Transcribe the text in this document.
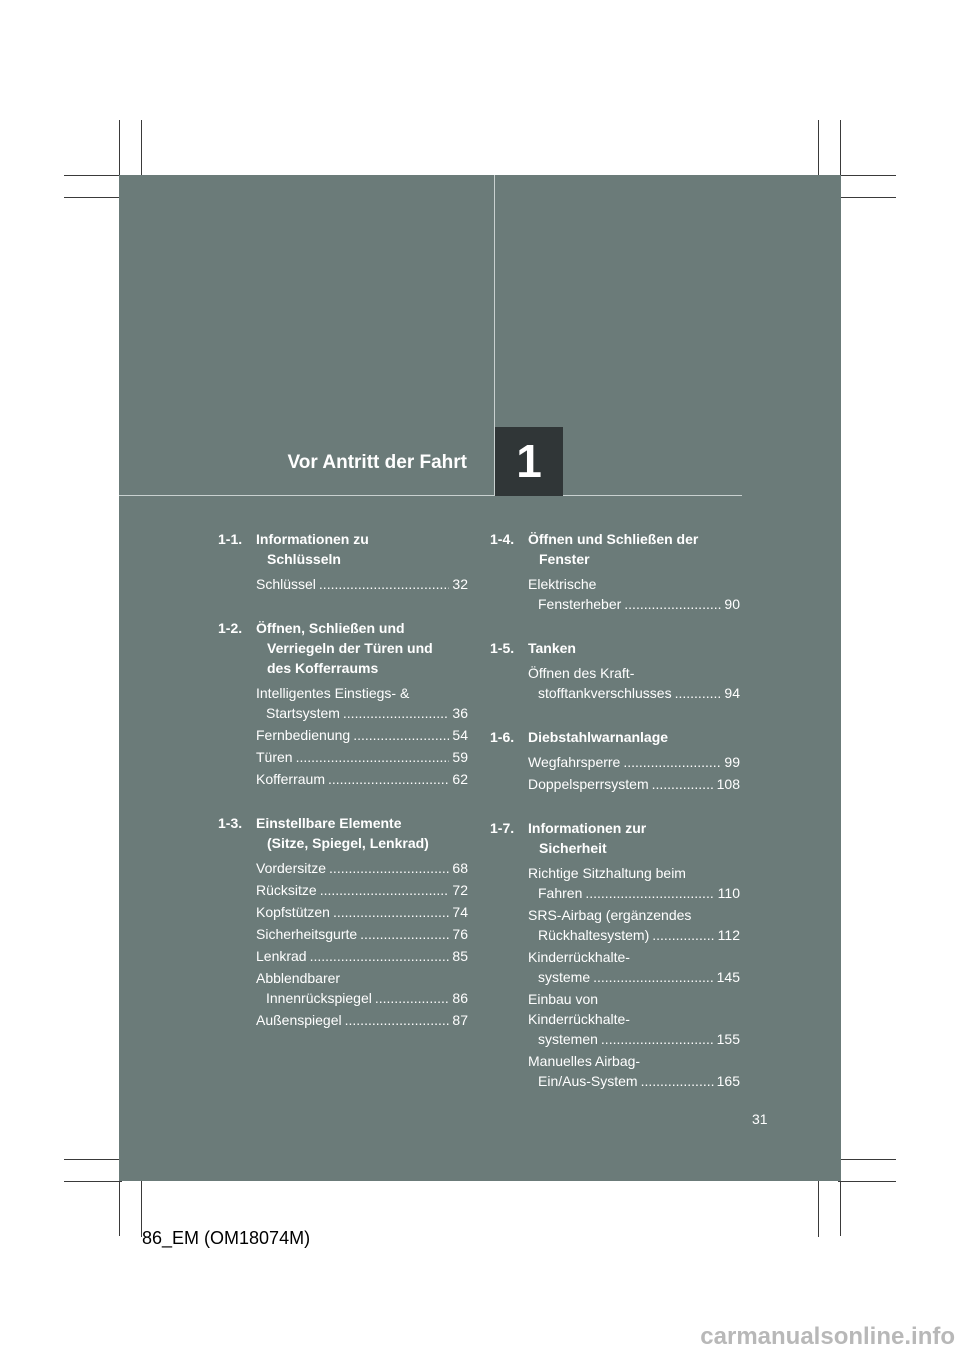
1
Vor Antritt der Fahrt
1-1. Informationen zu
Schlüsseln
Schlüssel .....	32
1-2. Öffnen, Schließen und
Verriegeln der Türen und
des Kofferraums
Intelligentes Einstiegs- &
Startsystem .....	36
Fernbedienung .....	54
Türen .....	59
Kofferraum .....	62
1-3. Einstellbare Elemente
(Sitze, Spiegel, Lenkrad)
Vordersitze .....	68
Rücksitze .....	72
Kopfstützen .....	74
Sicherheitsgurte .....	76
Lenkrad .....	85
Abblendbarer
Innenrückspiegel .....	86
Außenspiegel .....	87
1-4. Öffnen und Schließen der
Fenster
Elektrische
Fensterheber .....	90
1-5. Tanken
Öffnen des Kraft-
stofftankverschlusses .....	94
1-6. Diebstahlwarnanlage
Wegfahrsperre .....	99
Doppelsperrsystem .....	108
1-7. Informationen zur
Sicherheit
Richtige Sitzhaltung beim
Fahren .....	110
SRS-Airbag (ergänzendes
Rückhaltesystem) .....	112
Kinderrückhalte-
systeme .....	145
Einbau von
Kinderrückhalte-
systemen .....	155
Manuelles Airbag-
Ein/Aus-System .....	165
31
86_EM (OM18074M)
carmanualsonline.info
